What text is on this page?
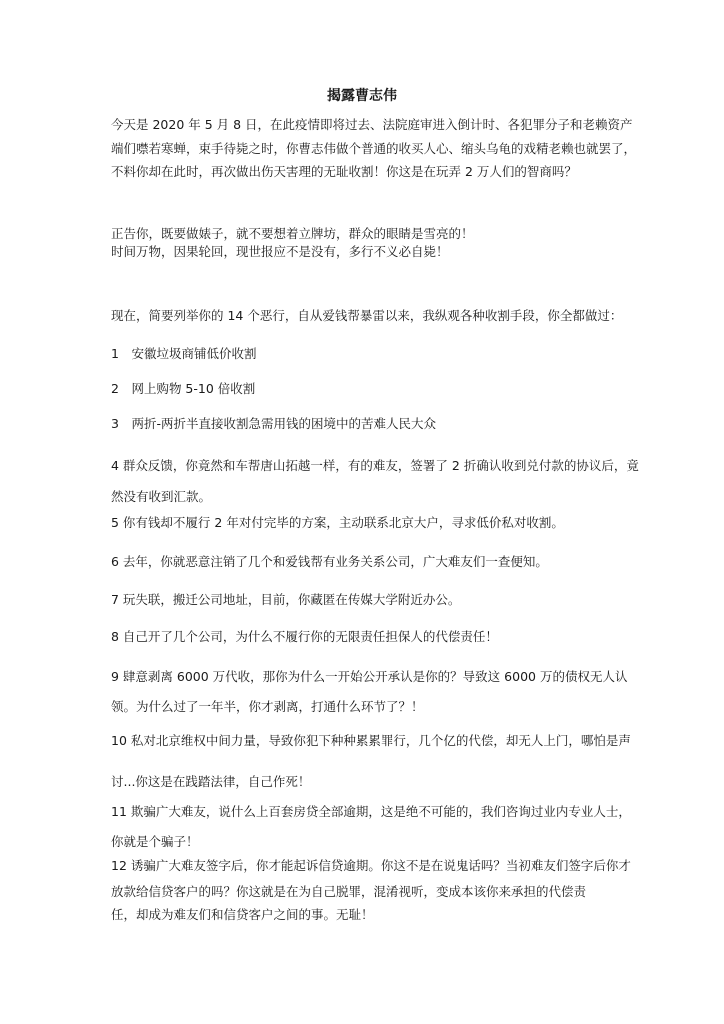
揭露曹志伟

今天是 2020 年 5 月 8 日，在此疫情即将过去、法院庭审进入倒计时、各犯罪分子和老赖资产端们噤若寒蝉，束手待毙之时，你曹志伟做个普通的收买人心、缩头乌龟的戏精老赖也就罢了，不料你却在此时，再次做出伤天害理的无耻收割！你这是在玩弄 2 万人们的智商吗？

正告你，既要做婊子，就不要想着立牌坊，群众的眼睛是雪亮的！

时间万物，因果轮回，现世报应不是没有，多行不义必自毙！

现在，简要列举你的 14 个恶行，自从爱钱帮暴雷以来，我纵观各种收割手段，你全都做过：

1　安徽垃圾商铺低价收割

2　网上购物 5-10 倍收割

3　两折-两折半直接收割急需用钱的困境中的苦难人民大众

4 群众反馈，你竟然和车帮唐山拓越一样，有的难友，签署了 2 折确认收到兑付款的协议后，竟然没有收到汇款。

5 你有钱却不履行 2 年对付完毕的方案，主动联系北京大户，寻求低价私对收割。

6 去年，你就恶意注销了几个和爱钱帮有业务关系公司，广大难友们一查便知。

7 玩失联，搬迁公司地址，目前，你藏匿在传媒大学附近办公。

8 自己开了几个公司，为什么不履行你的无限责任担保人的代偿责任！

9 肆意剥离 6000 万代收，那你为什么一开始公开承认是你的？导致这 6000 万的债权无人认领。为什么过了一年半，你才剥离，打通什么环节了？！

10 私对北京维权中间力量，导致你犯下种种累累罪行，几个亿的代偿，却无人上门，哪怕是声讨...你这是在践踏法律，自己作死！

11 欺骗广大难友，说什么上百套房贷全部逾期，这是绝不可能的，我们咨询过业内专业人士，你就是个骗子！

12 诱骗广大难友签字后，你才能起诉信贷逾期。你这不是在说鬼话吗？当初难友们签字后你才放款给信贷客户的吗？你这就是在为自己脱罪，混淆视听，变成本该你来承担的代偿责

任，却成为难友们和信贷客户之间的事。无耻！
